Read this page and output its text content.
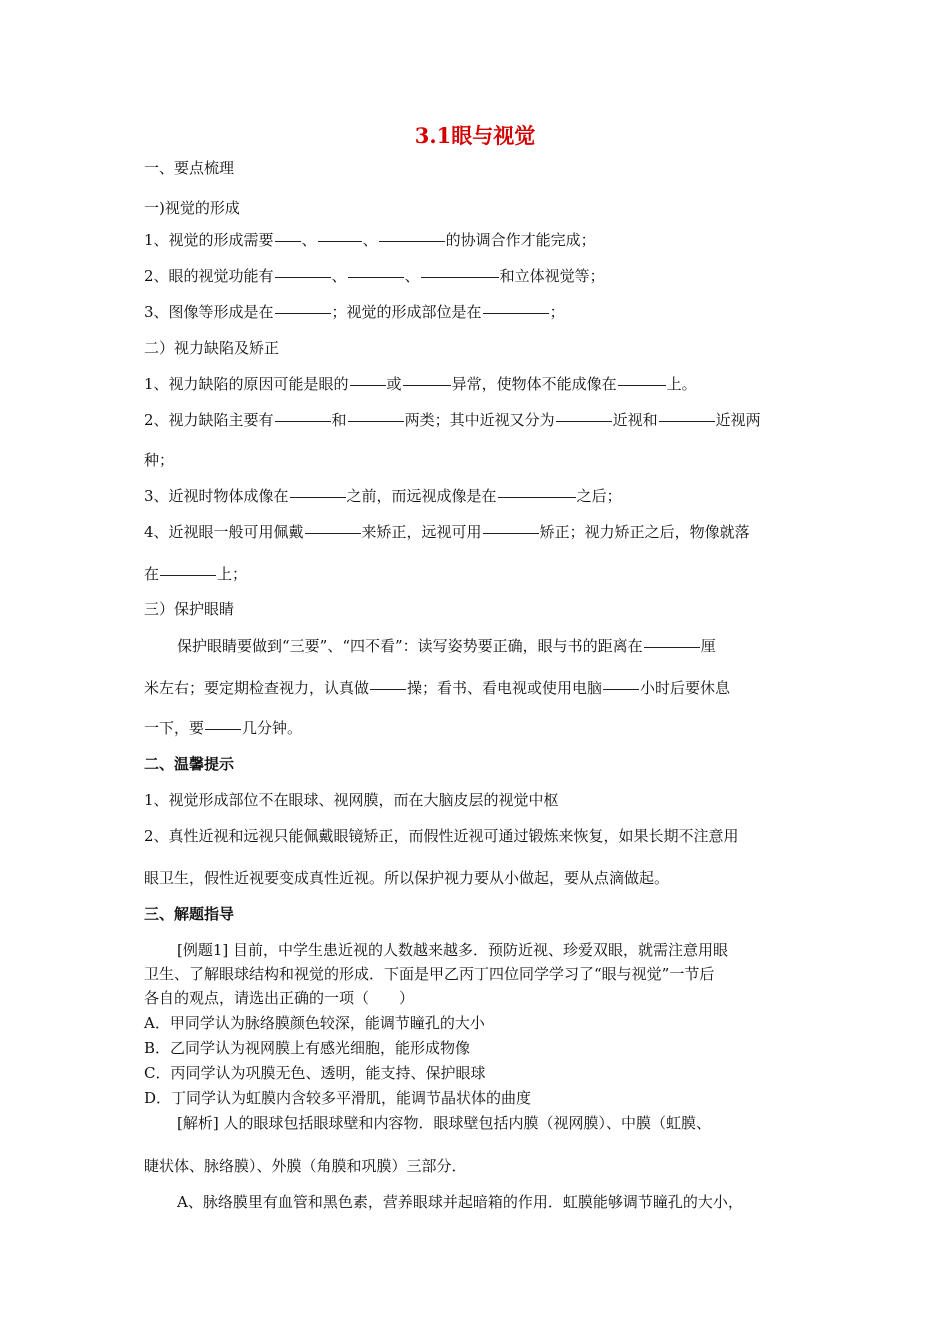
3.1眼与视觉
一、要点梳理
一)视觉的形成
1、视觉的形成需要 、	、	的协调合作才能完成；
2、眼的视觉功能有	、	、	和立体视觉等；
3、图像等形成是在	；视觉的形成部位是在	；
二）视力缺陷及矫正
1、视力缺陷的原因可能是眼的	或	异常，使物体不能成像在	上。
2、视力缺陷主要有	和	两类；其中近视又分为	近视和	近视两
种；
3、近视时物体成像在	之前，而远视成像是在	之后；
4、近视眼一般可用佩戴	来矫正，远视可用	矫正；视力矫正之后，物像就落
在	上；
三）保护眼睛
保护眼睛要做到“三要”、“四不看”：读写姿势要正确，眼与书的距离在	厘
米左右；要定期检查视力，认真做	操；看书、看电视或使用电脑	小时后要休息
一下，要	几分钟。
二、温馨提示
1、视觉形成部位不在眼球、视网膜，而在大脑皮层的视觉中枢
2、真性近视和远视只能佩戴眼镜矫正，而假性近视可通过锻炼来恢复，如果长期不注意用
眼卫生，假性近视要变成真性近视。所以保护视力要从小做起，要从点滴做起。
三、解题指导
[例题1] 目前，中学生患近视的人数越来越多．预防近视、珍爱双眼，就需注意用眼
卫生、了解眼球结构和视觉的形成．下面是甲乙丙丁四位同学学习了“眼与视觉”一节后
各自的观点，请选出正确的一项（　　）
A．甲同学认为脉络膜颜色较深，能调节瞳孔的大小
B．乙同学认为视网膜上有感光细胞，能形成物像
C．丙同学认为巩膜无色、透明，能支持、保护眼球
D．丁同学认为虹膜内含较多平滑肌，能调节晶状体的曲度
[解析] 人的眼球包括眼球壁和内容物．眼球壁包括内膜（视网膜）、中膜（虹膜、
睫状体、脉络膜）、外膜（角膜和巩膜）三部分．
A、脉络膜里有血管和黑色素，营养眼球并起暗箱的作用．虹膜能够调节瞳孔的大小，
